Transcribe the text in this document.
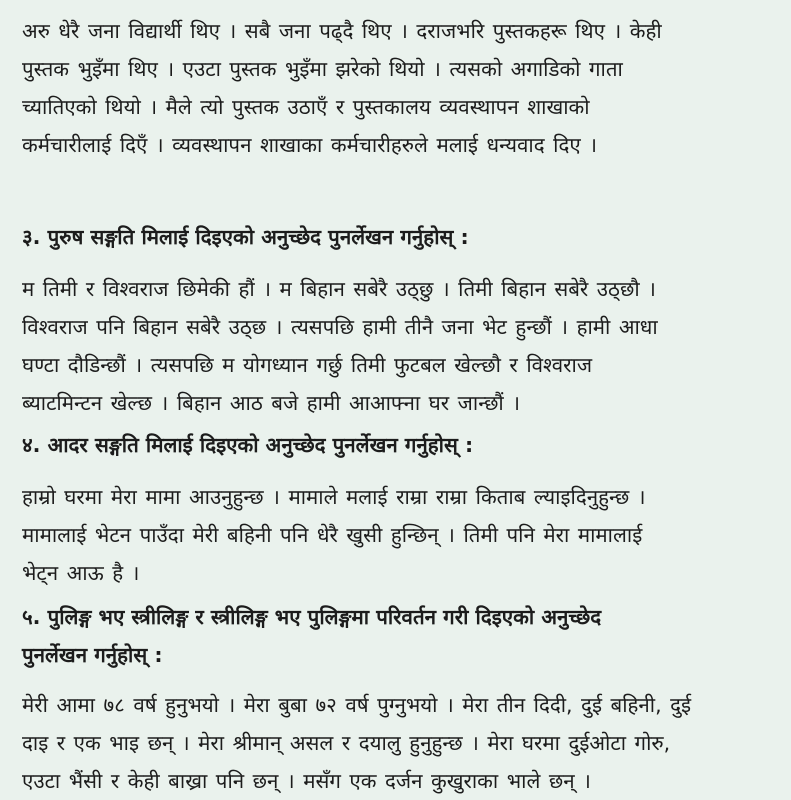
अरु धेरै जना विद्यार्थी थिए । सबै जना पढ्दै थिए । दराजभरि पुस्तकहरू थिए । केही
पुस्तक भुइँमा थिए । एउटा पुस्तक भुइँमा झरेको थियो । त्यसको अगाडिको गाता
च्यातिएको थियो । मैले त्यो पुस्तक उठाएँ र पुस्तकालय व्यवस्थापन शाखाको
कर्मचारीलाई दिएँ । व्यवस्थापन शाखाका कर्मचारीहरुले मलाई धन्यवाद दिए ।
३. पुरुष सङ्गति मिलाई दिइएको अनुच्छेद पुनर्लेखन गर्नुहोस् :
म तिमी र विश्वराज छिमेकी हौं । म बिहान सबेरै उठ्छु । तिमी बिहान सबेरै उठ्छौ ।
विश्वराज पनि बिहान सबेरै उठ्छ । त्यसपछि हामी तीनै जना भेट हुन्छौं । हामी आधा
घण्टा दौडिन्छौं । त्यसपछि म योगध्यान गर्छु तिमी फुटबल खेल्छौ र विश्वराज
ब्याटमिन्टन खेल्छ । बिहान आठ बजे हामी आआफ्ना घर जान्छौं ।
४. आदर सङ्गति मिलाई दिइएको अनुच्छेद पुनर्लेखन गर्नुहोस् :
हाम्रो घरमा मेरा मामा आउनुहुन्छ । मामाले मलाई राम्रा राम्रा किताब ल्याइदिनुहुन्छ ।
मामालाई भेटन पाउँदा मेरी बहिनी पनि धेरै खुसी हुन्छिन् । तिमी पनि मेरा मामालाई
भेट्न आऊ है ।
५. पुलिङ्ग भए स्त्रीलिङ्ग र स्त्रीलिङ्ग भए पुलिङ्गमा परिवर्तन गरी दिइएको अनुच्छेद
पुनर्लेखन गर्नुहोस् :
मेरी आमा ७८ वर्ष हुनुभयो । मेरा बुबा ७२ वर्ष पुग्नुभयो । मेरा तीन दिदी, दुई बहिनी, दुई
दाइ र एक भाइ छन् । मेरा श्रीमान् असल र दयालु हुनुहुन्छ । मेरा घरमा दुईओटा गोरु,
एउटा भैंसी र केही बाख्रा पनि छन् । मसँग एक दर्जन कुखुराका भाले छन् ।
